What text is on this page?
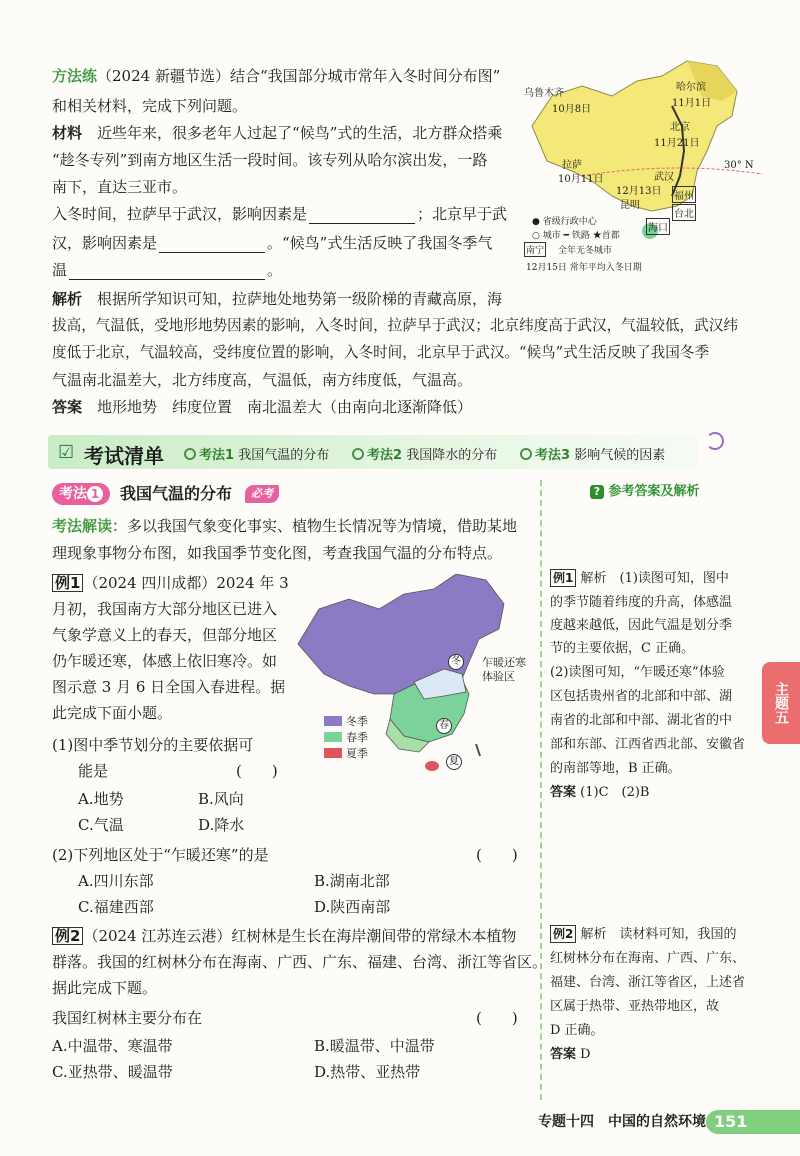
方法练（2024 新疆节选）结合“我国部分城市常年入冬时间分布图”
和相关材料，完成下列问题。
材料　 近些年来，很多老年人过起了“候鸟”式的生活，北方群众搭乘
“趁冬专列”到南方地区生活一段时间。该专列从哈尔滨出发，一路
南下，直达三亚市。
入冬时间，拉萨早于武汉，影响因素是	；北京早于武
汉，影响因素是	。“候鸟”式生活反映了我国冬季气
温	。
乌鲁木齐
10月8日
哈尔滨
11月1日
北京
11月21日
拉萨
10月11日
30° N
12月13日
昆明
武汉
福州
台北
海口
南宁
● 省级行政中心
○ 城市 ━ 铁路 ★首都
全年无冬城市
12月15日 常年平均入冬日期
解析　 根据所学知识可知，拉萨地处地势第一级阶梯的青藏高原，海
拔高，气温低，受地形地势因素的影响，入冬时间，拉萨早于武汉；北京纬度高于武汉，气温较低，武汉纬
度低于北京，气温较高，受纬度位置的影响，入冬时间，北京早于武汉。“候鸟”式生活反映了我国冬季
气温南北温差大，北方纬度高，气温低，南方纬度低，气温高。
答案　 地形地势　纬度位置　南北温差大（由南向北逐渐降低）
☑ 考试清单	考法1 我国气温的分布	考法2 我国降水的分布	考法3 影响气候的因素
考法 1	我国气温的分布	必考
考法解读：多以我国气象变化事实、植物生长情况等为情境，借助某地
理现象事物分布图，如我国季节变化图，考查我国气温的分布特点。
例1 （2024 四川成都）2024 年 3
月初，我国南方大部分地区已进入
气象学意义上的春天，但部分地区
仍乍暖还寒，体感上依旧寒冷。如
图示意 3 月 6 日全国入春进程。据
此完成下面小题。
(1)图中季节划分的主要依据可
能是	(　　)
A.地势	B.风向
C.气温	D.降水
(2)下列地区处于“乍暖还寒”的是	(　　)
A.四川东部	B.湖南北部
C.福建西部	D.陕西南部
冬
春
夏
乍暖还寒体验区
冬季
春季
夏季
例2 （2024 江苏连云港）红树林是生长在海岸潮间带的常绿木本植物
群落。我国的红树林分布在海南、广西、广东、福建、台湾、浙江等省区。
据此完成下题。
我国红树林主要分布在	(　　)
A.中温带、寒温带	B.暖温带、中温带
C.亚热带、暖温带	D.热带、亚热带
? 参考答案及解析
例1 解析　(1)读图可知，图中
的季节随着纬度的升高，体感温
度越来越低，因此气温是划分季
节的主要依据，C 正确。
(2)读图可知，“乍暖还寒”体验
区包括贵州省的北部和中部、湖
南省的北部和中部、湖北省的中
部和东部、江西省西北部、安徽省
的南部等地，B 正确。
答案 (1)C　(2)B
例2 解析　读材料可知，我国的
红树林分布在海南、广西、广东、
福建、台湾、浙江等省区，上述省
区属于热带、亚热带地区，故
D 正确。
答案 D
主题五
专题十四　中国的自然环境 151
